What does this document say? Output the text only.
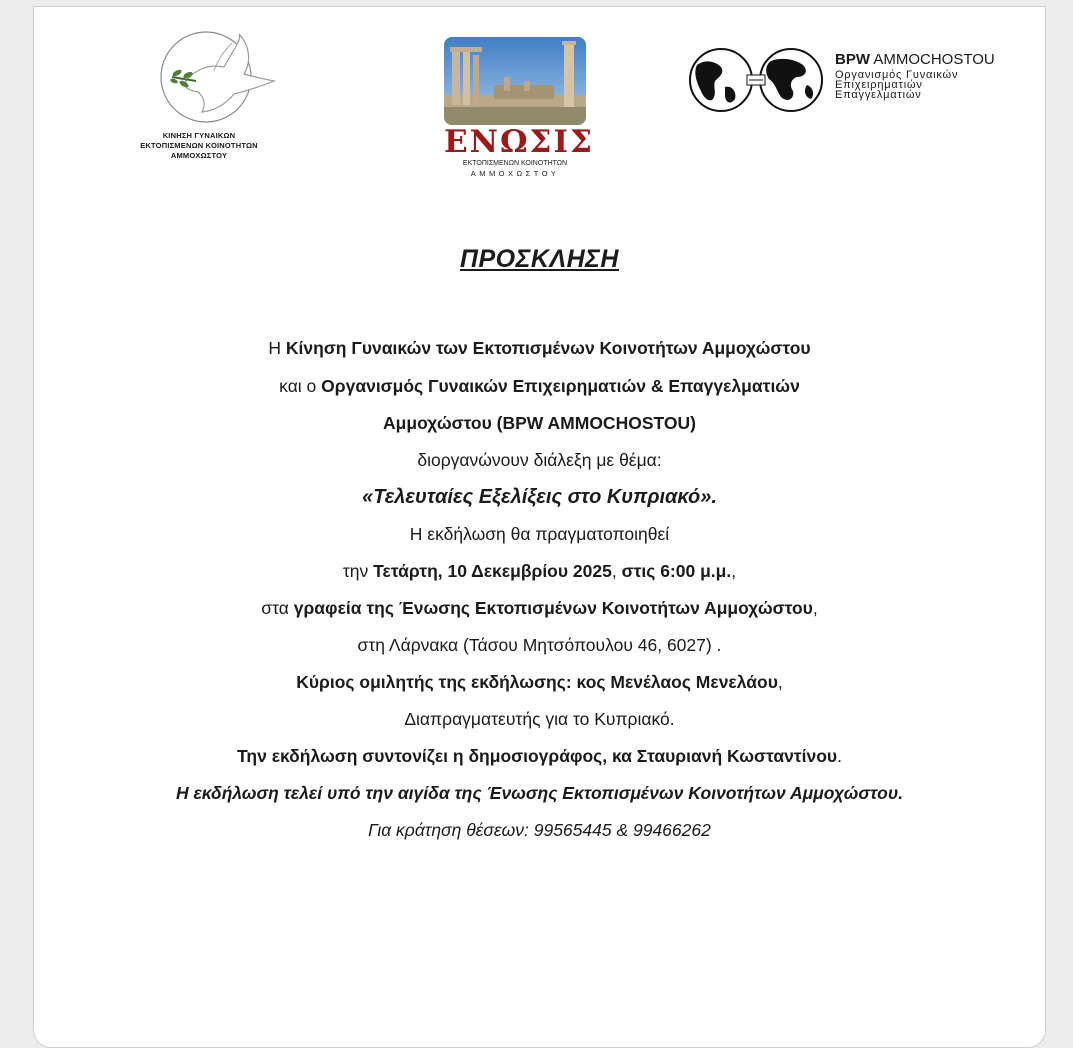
ΚΙΝΗΣΗ ΓΥΝΑΙΚΩΝ
ΕΚΤΟΠΙΣΜΕΝΩΝ ΚΟΙΝΟΤΗΤΩΝ
ΑΜΜΟΧΩΣΤΟΥ	ΕΝΩΣΙΣ
ΕΚΤΟΠΙΣΜΕΝΩΝ ΚΟΙΝΟΤΗΤΩΝ
ΑΜΜΟΧΩΣΤΟΥ
BPW AMMOCHOSTOU
Οργανισμός Γυναικών
Επιχειρηματιών
Επαγγελματιών
ΠΡΟΣΚΛΗΣΗ
Η Κίνηση Γυναικών των Εκτοπισμένων Κοινοτήτων Αμμοχώστου
και ο Οργανισμός Γυναικών Επιχειρηματιών & Επαγγελματιών
Αμμοχώστου (BPW AMMOCHOSTOU)
διοργανώνουν διάλεξη με θέμα:
«Τελευταίες Εξελίξεις στο Κυπριακό».
Η εκδήλωση θα πραγματοποιηθεί
την Τετάρτη, 10 Δεκεμβρίου 2025, στις 6:00 μ.μ.,
στα γραφεία της Ένωσης Εκτοπισμένων Κοινοτήτων Αμμοχώστου,
στη Λάρνακα (Τάσου Μητσόπουλου 46, 6027) .
Κύριος ομιλητής της εκδήλωσης: κος Μενέλαος Μενελάου,
Διαπραγματευτής για το Κυπριακό.
Την εκδήλωση συντονίζει η δημοσιογράφος, κα Σταυριανή Κωσταντίνου.
Η εκδήλωση τελεί υπό την αιγίδα της Ένωσης Εκτοπισμένων Κοινοτήτων Αμμοχώστου.
Για κράτηση θέσεων: 99565445 & 99466262
